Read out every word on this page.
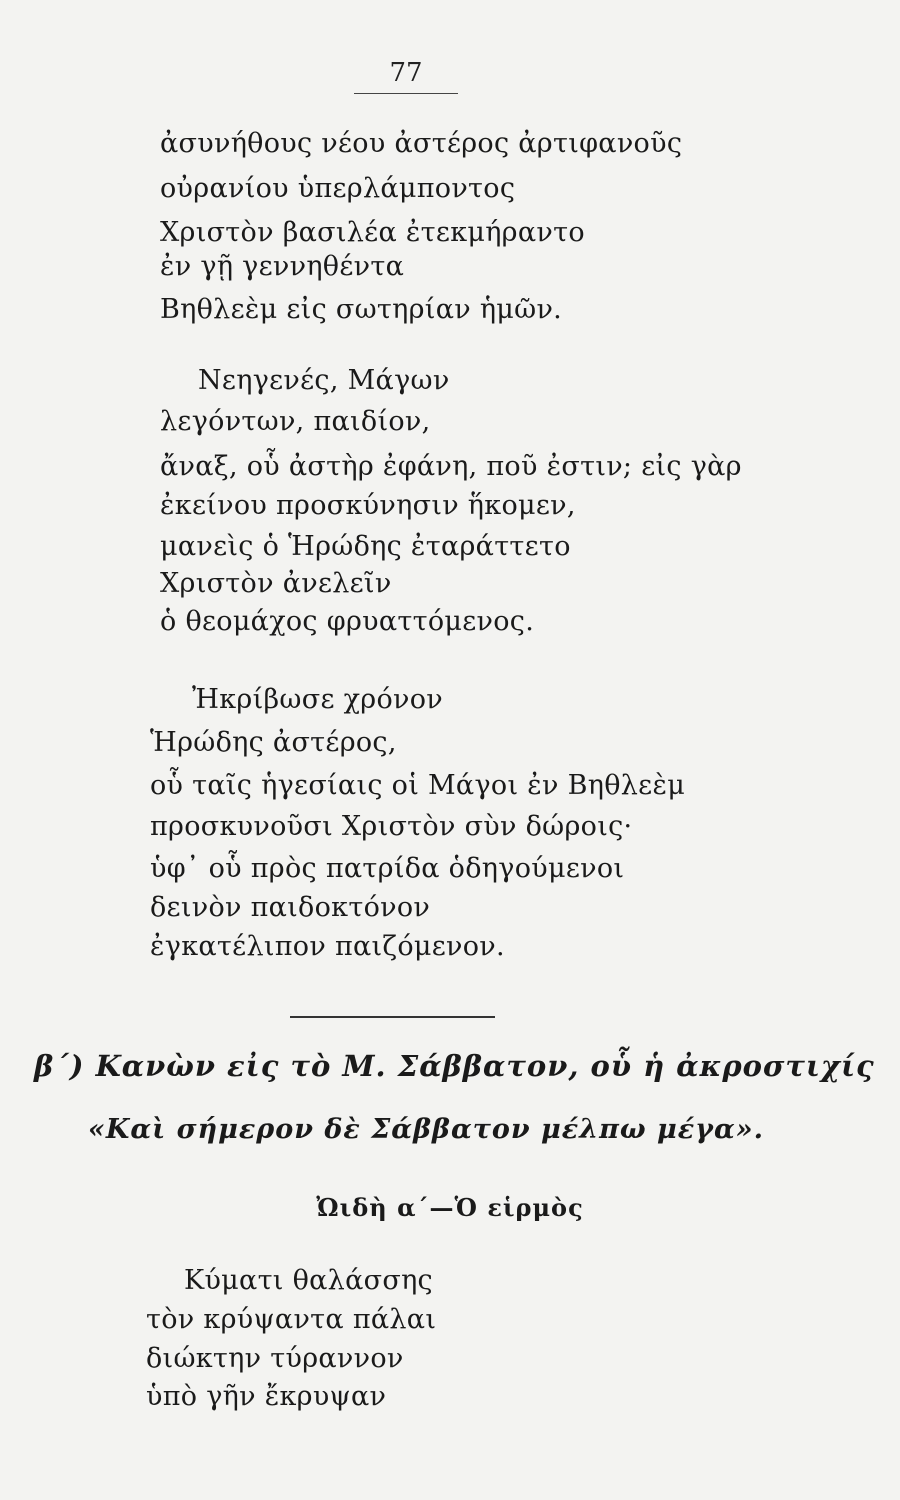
77
ἀσυνήθους νέου ἀστέρος ἀρτιφανοῦς
οὐρανίου ὑπερλάμποντος
Χριστὸν βασιλέα ἐτεκμήραντο
ἐν γῇ γεννηθέντα
Βηθλεὲμ εἰς σωτηρίαν ἡμῶν.
Νεηγενές, Μάγων
λεγόντων, παιδίον,
ἄναξ, οὗ ἀστὴρ ἐφάνη, ποῦ ἐστιν; εἰς γὰρ
ἐκείνου προσκύνησιν ἥκομεν,
μανεὶς ὁ Ἡρώδης ἐταράττετο
Χριστὸν ἀνελεῖν
ὁ θεομάχος φρυαττόμενος.
Ἠκρίβωσε χρόνον
Ἡρώδης ἀστέρος,
οὗ ταῖς ἡγεσίαις οἱ Μάγοι ἐν Βηθλεὲμ
προσκυνοῦσι Χριστὸν σὺν δώροις·
ὑφ᾽ οὗ πρὸς πατρίδα ὁδηγούμενοι
δεινὸν παιδοκτόνον
ἐγκατέλιπον παιζόμενον.
β΄) Κανὼν εἰς τὸ Μ. Σάββατον, οὗ ἡ ἀκροστιχίς
«Καὶ σήμερον δὲ Σάββατον μέλπω μέγα».
Ὠιδὴ α΄—Ὁ εἱρμὸς
Κύματι θαλάσσης
τὸν κρύψαντα πάλαι
διώκτην τύραννον
ὑπὸ γῆν ἔκρυψαν
